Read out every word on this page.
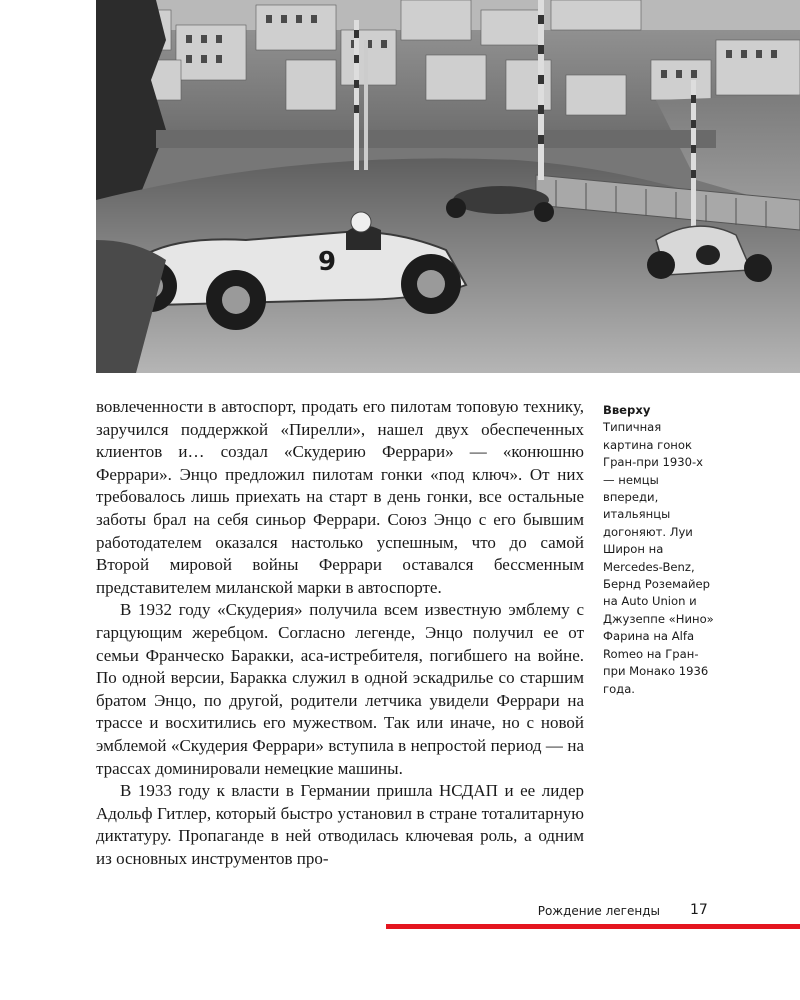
9

вовлеченности в автоспорт, продать его пилотам топовую технику, заручился поддержкой «Пирелли», нашел двух обеспеченных клиентов и… создал «Скудерию Феррари» — «конюшню Феррари». Энцо предложил пилотам гонки «под ключ». От них требовалось лишь приехать на старт в день гонки, все остальные заботы брал на себя синьор Феррари. Союз Энцо с его бывшим работодателем оказался настолько успешным, что до самой Второй мировой войны Феррари оставался бессменным представителем миланской марки в автоспорте.

В 1932 году «Скудерия» получила всем известную эмблему с гарцующим жеребцом. Согласно легенде, Энцо получил ее от семьи Франческо Баракки, аса-истребителя, погибшего на войне. По одной версии, Баракка служил в одной эскадрилье со старшим братом Энцо, по другой, родители летчика увидели Феррари на трассе и восхитились его мужеством. Так или иначе, но с новой эмблемой «Скудерия Феррари» вступила в непростой период — на трассах доминировали немецкие машины.

В 1933 году к власти в Германии пришла НСДАП и ее лидер Адольф Гитлер, который быстро установил в стране тоталитарную диктатуру. Пропаганде в ней отводилась ключевая роль, а одним из основных инструментов про-

Вверху
Типичная картина гонок Гран-при 1930-х — немцы впереди, итальянцы догоняют. Луи Широн на Mercedes-Benz, Бернд Роземайер на Auto Union и Джузеппе «Нино» Фарина на Alfa Romeo на Гран-при Монако 1936 года.
Рождение легенды 17
